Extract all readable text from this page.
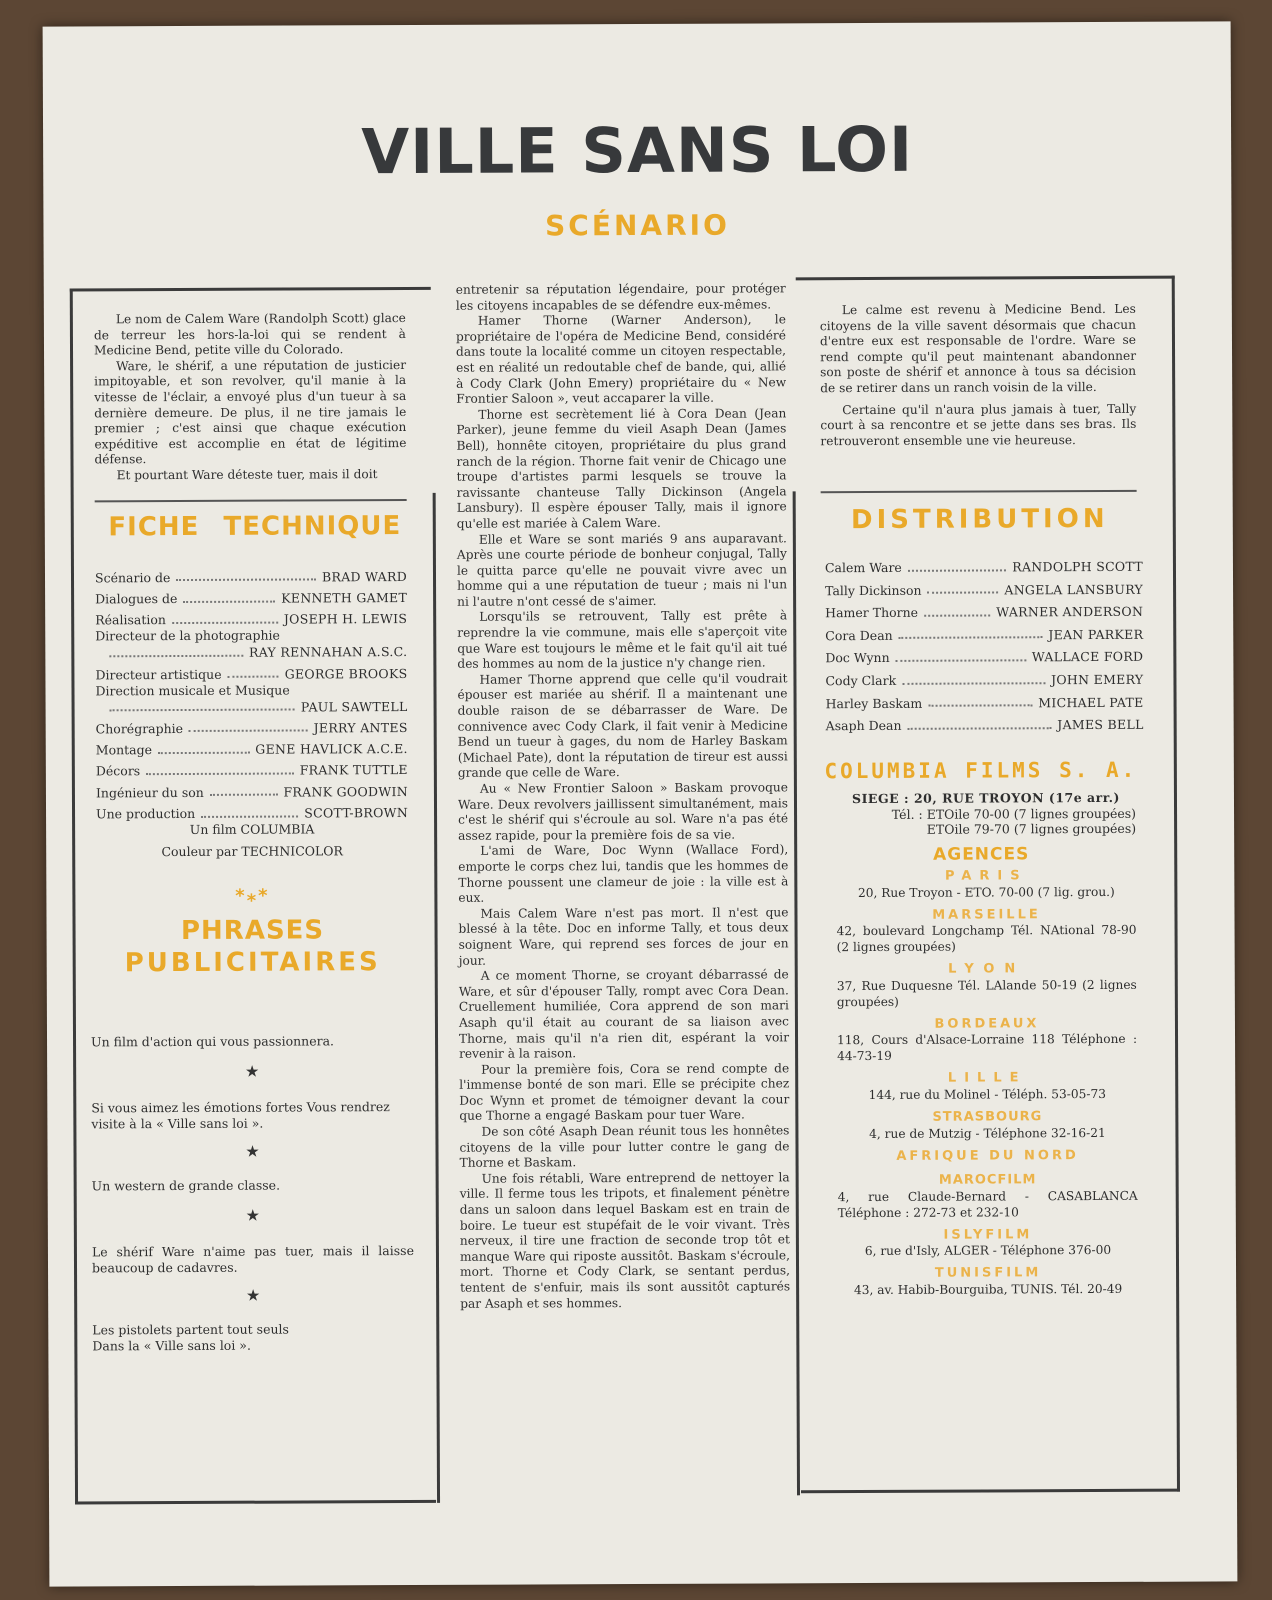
VILLE SANS LOI
SCÉNARIO

Le nom de Calem Ware (Randolph Scott) glace de terreur les hors-la-loi qui se rendent à Medicine Bend, petite ville du Colorado.

Ware, le shérif, a une réputation de justicier impitoyable, et son revolver, qu'il manie à la vitesse de l'éclair, a envoyé plus d'un tueur à sa dernière demeure. De plus, il ne tire jamais le premier ; c'est ainsi que chaque exécution expéditive est accomplie en état de légitime défense.

Et pourtant Ware déteste tuer, mais il doit

FICHE TECHNIQUE
Scénario de	BRAD WARD
Dialogues de	KENNETH GAMET
Réalisation	JOSEPH H. LEWIS
Directeur de la photographie
RAY RENNAHAN A.S.C.
Directeur artistique	GEORGE BROOKS
Direction musicale et Musique
PAUL SAWTELL
Chorégraphie	JERRY ANTES
Montage	GENE HAVLICK A.C.E.
Décors	FRANK TUTTLE
Ingénieur du son	FRANK GOODWIN
Une production	SCOTT-BROWN
Un film COLUMBIA
Couleur par TECHNICOLOR
*⁎*
PHRASES
PUBLICITAIRES
Un film d'action qui vous passionnera.
★
Si vous aimez les émotions fortes Vous rendrez visite à la « Ville sans loi ».
★
Un western de grande classe.
★
Le shérif Ware n'aime pas tuer, mais il laisse beaucoup de cadavres.
★
Les pistolets partent tout seuls Dans la « Ville sans loi ».

entretenir sa réputation légendaire, pour protéger les citoyens incapables de se défendre eux-mêmes.

Hamer Thorne (Warner Anderson), le propriétaire de l'opéra de Medicine Bend, considéré dans toute la localité comme un citoyen respectable, est en réalité un redoutable chef de bande, qui, allié à Cody Clark (John Emery) propriétaire du « New Frontier Saloon », veut accaparer la ville.

Thorne est secrètement lié à Cora Dean (Jean Parker), jeune femme du vieil Asaph Dean (James Bell), honnête citoyen, propriétaire du plus grand ranch de la région. Thorne fait venir de Chicago une troupe d'artistes parmi lesquels se trouve la ravissante chanteuse Tally Dickinson (Angela Lansbury). Il espère épouser Tally, mais il ignore qu'elle est mariée à Calem Ware.

Elle et Ware se sont mariés 9 ans auparavant. Après une courte période de bonheur conjugal, Tally le quitta parce qu'elle ne pouvait vivre avec un homme qui a une réputation de tueur ; mais ni l'un ni l'autre n'ont cessé de s'aimer.

Lorsqu'ils se retrouvent, Tally est prête à reprendre la vie commune, mais elle s'aperçoit vite que Ware est toujours le même et le fait qu'il ait tué des hommes au nom de la justice n'y change rien.

Hamer Thorne apprend que celle qu'il voudrait épouser est mariée au shérif. Il a maintenant une double raison de se débarrasser de Ware. De connivence avec Cody Clark, il fait venir à Medicine Bend un tueur à gages, du nom de Harley Baskam (Michael Pate), dont la réputation de tireur est aussi grande que celle de Ware.

Au « New Frontier Saloon » Baskam provoque Ware. Deux revolvers jaillissent simultanément, mais c'est le shérif qui s'écroule au sol. Ware n'a pas été assez rapide, pour la première fois de sa vie.

L'ami de Ware, Doc Wynn (Wallace Ford), emporte le corps chez lui, tandis que les hommes de Thorne poussent une clameur de joie : la ville est à eux.

Mais Calem Ware n'est pas mort. Il n'est que blessé à la tête. Doc en informe Tally, et tous deux soignent Ware, qui reprend ses forces de jour en jour.

A ce moment Thorne, se croyant débarrassé de Ware, et sûr d'épouser Tally, rompt avec Cora Dean. Cruellement humiliée, Cora apprend de son mari Asaph qu'il était au courant de sa liaison avec Thorne, mais qu'il n'a rien dit, espérant la voir revenir à la raison.

Pour la première fois, Cora se rend compte de l'immense bonté de son mari. Elle se précipite chez Doc Wynn et promet de témoigner devant la cour que Thorne a engagé Baskam pour tuer Ware.

De son côté Asaph Dean réunit tous les honnêtes citoyens de la ville pour lutter contre le gang de Thorne et Baskam.

Une fois rétabli, Ware entreprend de nettoyer la ville. Il ferme tous les tripots, et finalement pénètre dans un saloon dans lequel Baskam est en train de boire. Le tueur est stupéfait de le voir vivant. Très nerveux, il tire une fraction de seconde trop tôt et manque Ware qui riposte aussitôt. Baskam s'écroule, mort. Thorne et Cody Clark, se sentant perdus, tentent de s'enfuir, mais ils sont aussitôt capturés par Asaph et ses hommes.

Le calme est revenu à Medicine Bend. Les citoyens de la ville savent désormais que chacun d'entre eux est responsable de l'ordre. Ware se rend compte qu'il peut maintenant abandonner son poste de shérif et annonce à tous sa décision de se retirer dans un ranch voisin de la ville.

Certaine qu'il n'aura plus jamais à tuer, Tally court à sa rencontre et se jette dans ses bras. Ils retrouveront ensemble une vie heureuse.

DISTRIBUTION
Calem Ware	RANDOLPH SCOTT
Tally Dickinson	ANGELA LANSBURY
Hamer Thorne	WARNER ANDERSON
Cora Dean	JEAN PARKER
Doc Wynn	WALLACE FORD
Cody Clark	JOHN EMERY
Harley Baskam	MICHAEL PATE
Asaph Dean	JAMES BELL
COLUMBIA FILMS S. A.
SIEGE : 20, RUE TROYON (17e arr.)
Tél. : ETOile 70-00 (7 lignes groupées)
ETOile 79-70 (7 lignes groupées)
AGENCES
PARIS
20, Rue Troyon - ETO. 70-00 (7 lig. grou.)
MARSEILLE
42, boulevard Longchamp Tél. NAtional 78-90 (2 lignes groupées)
LYON
37, Rue Duquesne Tél. LAlande 50-19 (2 lignes groupées)
BORDEAUX
118, Cours d'Alsace-Lorraine 118 Téléphone : 44-73-19
LILLE
144, rue du Molinel - Téléph. 53-05-73
STRASBOURG
4, rue de Mutzig - Téléphone 32-16-21
AFRIQUE DU NORD
MAROCFILM
4, rue Claude-Bernard - CASABLANCA Téléphone : 272-73 et 232-10
ISLYFILM
6, rue d'Isly, ALGER - Téléphone 376-00
TUNISFILM
43, av. Habib-Bourguiba, TUNIS. Tél. 20-49
